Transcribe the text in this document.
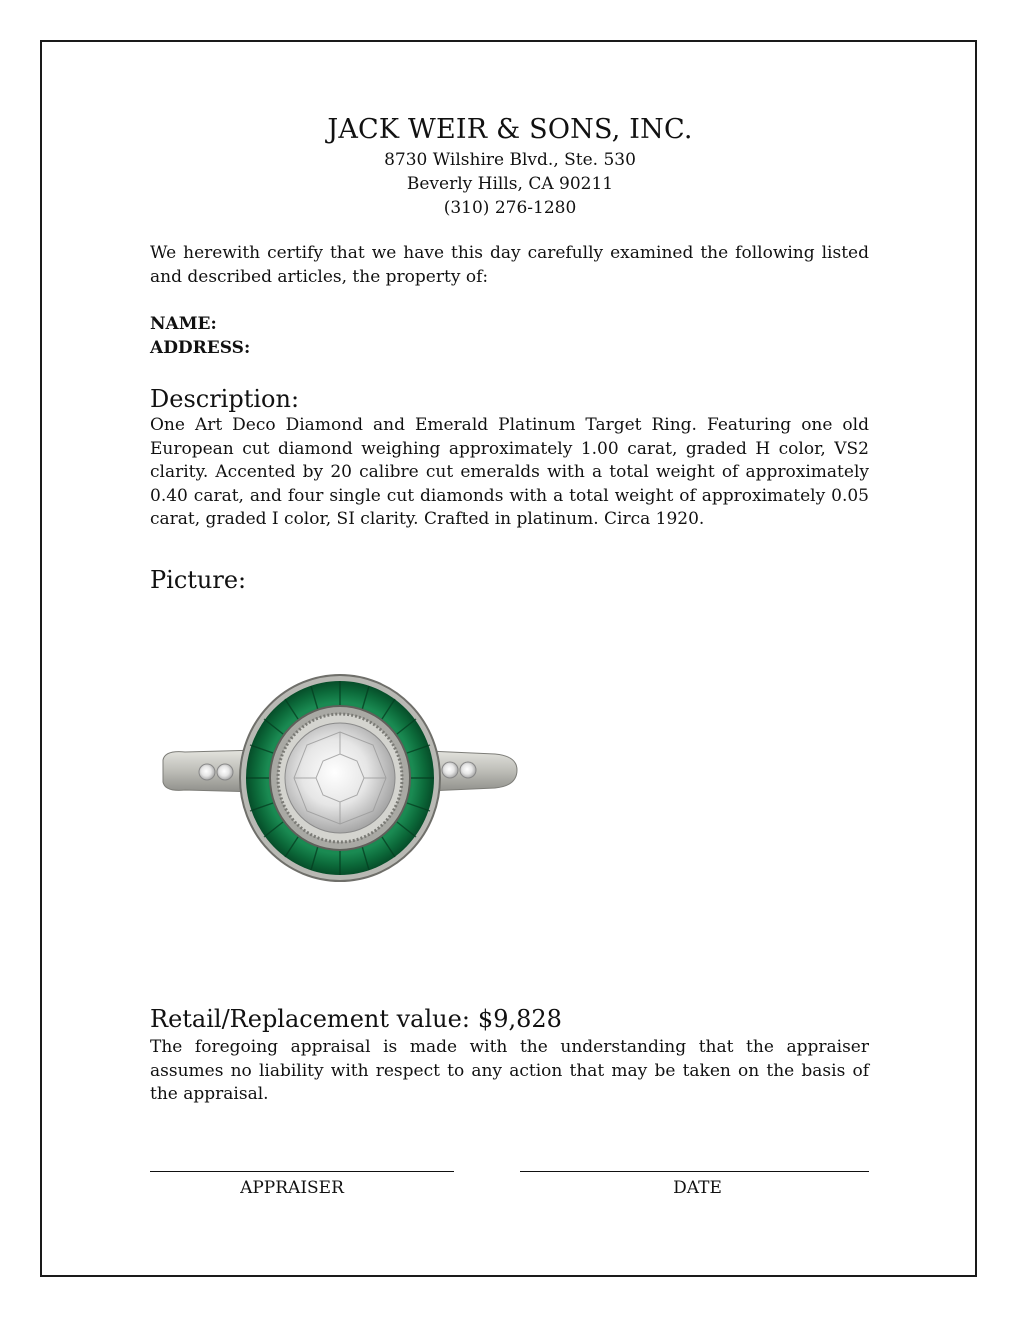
JACK WEIR & SONS, INC.

8730 Wilshire Blvd., Ste. 530

Beverly Hills, CA 90211

(310) 276-1280

We herewith certify that we have this day carefully examined the following listed and described articles, the property of:

NAME:
ADDRESS:

Description:

One Art Deco Diamond and Emerald Platinum Target Ring. Featuring one old European cut diamond weighing approximately 1.00 carat, graded H color, VS2 clarity. Accented by 20 calibre cut emeralds with a total weight of approximately 0.40 carat, and four single cut diamonds with a total weight of approximately 0.05 carat, graded I color, SI clarity. Crafted in platinum. Circa 1920.

Picture:

Retail/Replacement value: $9,828

The foregoing appraisal is made with the understanding that the appraiser assumes no liability with respect to any action that may be taken on the basis of the appraisal.

APPRAISER	DATE
